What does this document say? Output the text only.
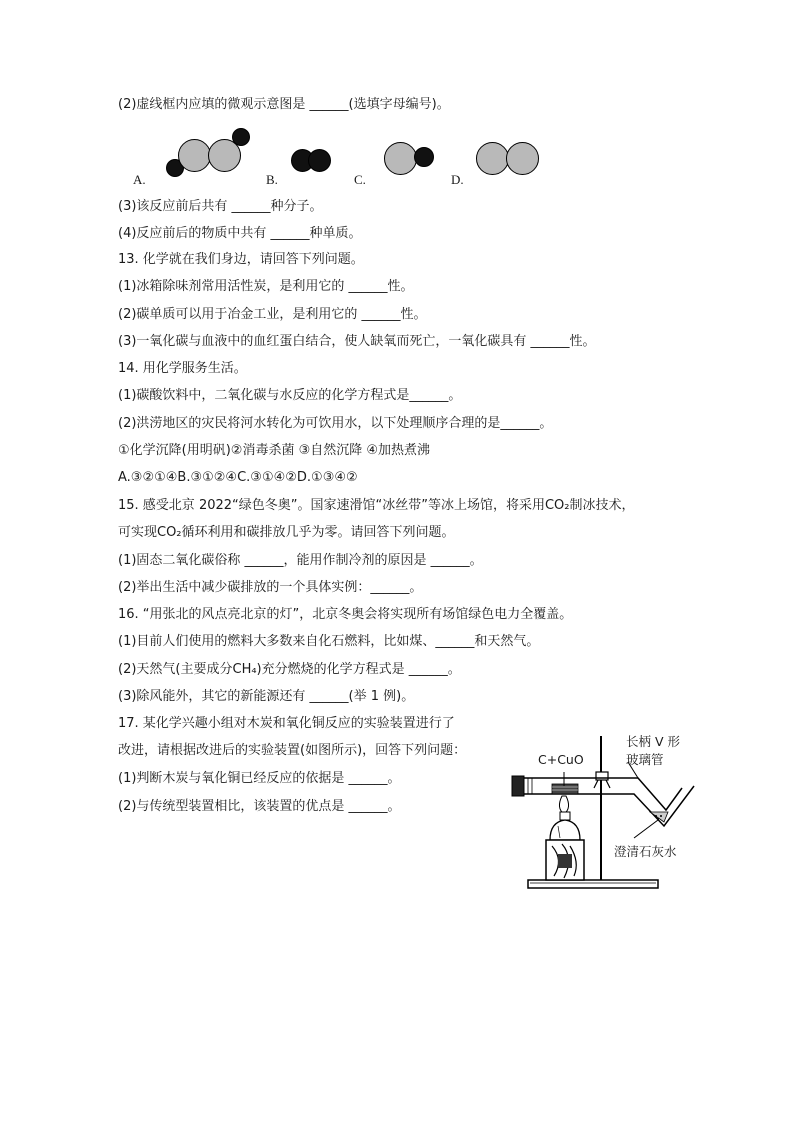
(2)虚线框内应填的微观示意图是 ______(选填字母编号)。
A.	B.	C.	D.
(3)该反应前后共有 ______种分子。
(4)反应前后的物质中共有 ______种单质。
13. 化学就在我们身边，请回答下列问题。
(1)冰箱除味剂常用活性炭，是利用它的 ______性。
(2)碳单质可以用于冶金工业，是利用它的 ______性。
(3)一氧化碳与血液中的血红蛋白结合，使人缺氧而死亡，一氧化碳具有 ______性。
14. 用化学服务生活。
(1)碳酸饮料中，二氧化碳与水反应的化学方程式是______。
(2)洪涝地区的灾民将河水转化为可饮用水，以下处理顺序合理的是______。
①化学沉降(用明矾)②消毒杀菌 ③自然沉降 ④加热煮沸
A.③②①④B.③①②④C.③①④②D.①③④②
15. 感受北京 2022“绿色冬奥”。国家速滑馆“冰丝带”等冰上场馆，将采用CO₂制冰技术，
可实现CO₂循环利用和碳排放几乎为零。请回答下列问题。
(1)固态二氧化碳俗称 ______，能用作制冷剂的原因是 ______。
(2)举出生活中减少碳排放的一个具体实例：______。
16. “用张北的风点亮北京的灯”，北京冬奥会将实现所有场馆绿色电力全覆盖。
(1)目前人们使用的燃料大多数来自化石燃料，比如煤、______和天然气。
(2)天然气(主要成分CH₄)充分燃烧的化学方程式是 ______。
(3)除风能外，其它的新能源还有 ______(举 1 例)。
17. 某化学兴趣小组对木炭和氧化铜反应的实验装置进行了
改进，请根据改进后的实验装置(如图所示)，回答下列问题：
(1)判断木炭与氧化铜已经反应的依据是 ______。
(2)与传统型装置相比，该装置的优点是 ______。
C+CuO
长柄 V 形
玻璃管
澄清石灰水
